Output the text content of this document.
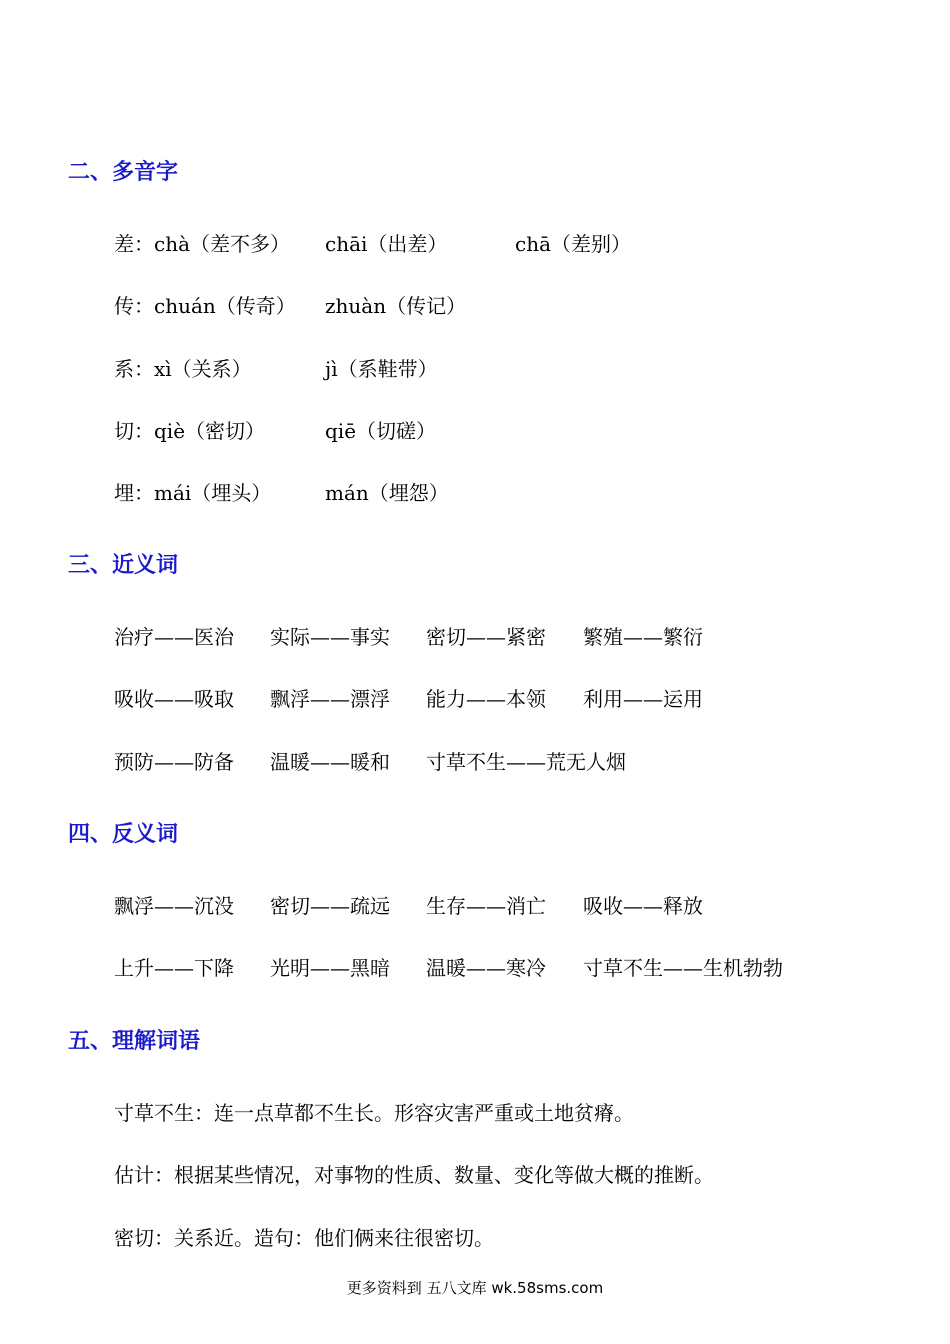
二、多音字
差：chà（差不多） chāi（出差）	chā（差别）
传：chuán（传奇） zhuàn（传记）
系：xì（关系）	jì（系鞋带）
切：qiè（密切）	qiē（切磋）
埋：mái（埋头）	mán（埋怨）
三、近义词
治疗——医治 实际——事实 密切——紧密 繁殖——繁衍
吸收——吸取 飘浮——漂浮 能力——本领 利用——运用
预防——防备 温暖——暖和 寸草不生——荒无人烟
四、反义词
飘浮——沉没 密切——疏远 生存——消亡 吸收——释放
上升——下降 光明——黑暗 温暖——寒冷 寸草不生——生机勃勃
五、理解词语
寸草不生：连一点草都不生长。形容灾害严重或土地贫瘠。
估计：根据某些情况，对事物的性质、数量、变化等做大概的推断。
密切：关系近。造句：他们俩来往很密切。
更多资料到 五八文库 wk.58sms.com
